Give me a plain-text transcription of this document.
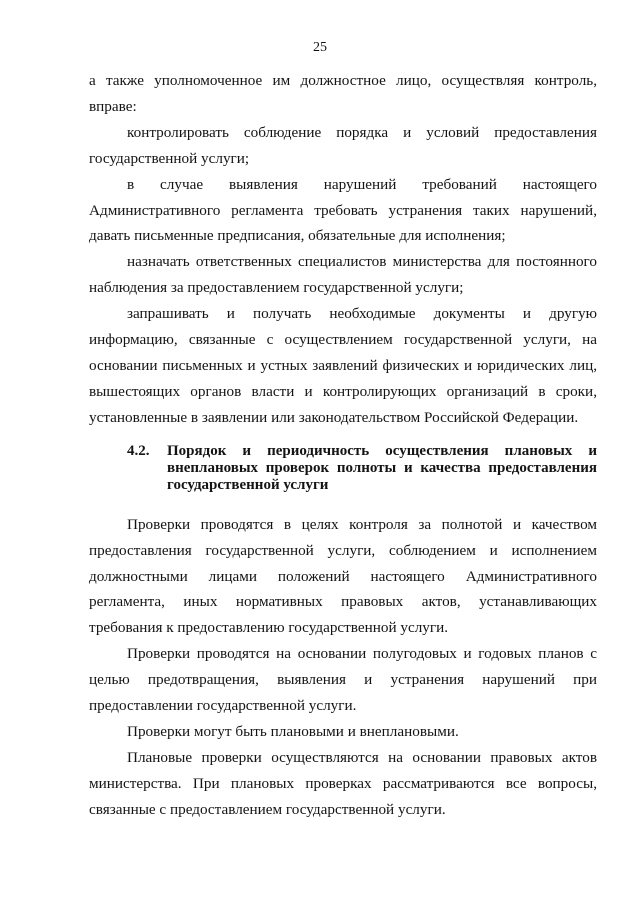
25

а также уполномоченное им должностное лицо, осуществляя контроль, вправе:

контролировать соблюдение порядка и условий предоставления государственной услуги;

в случае выявления нарушений требований настоящего Административного регламента требовать устранения таких нарушений, давать письменные предписания, обязательные для исполнения;

назначать ответственных специалистов министерства для постоянного наблюдения за предоставлением государственной услуги;

запрашивать и получать необходимые документы и другую информацию, связанные с осуществлением государственной услуги, на основании письменных и устных заявлений физических и юридических лиц, вышестоящих органов власти и контролирующих организаций в сроки, установленные в заявлении или законодательством Российской Федерации.

4.2.	Порядок и периодичность осуществления плановых и внеплановых проверок полноты и качества предоставления государственной услуги

Проверки проводятся в целях контроля за полнотой и качеством предоставления государственной услуги, соблюдением и исполнением должностными лицами положений настоящего Административного регламента, иных нормативных правовых актов, устанавливающих требования к предоставлению государственной услуги.

Проверки проводятся на основании полугодовых и годовых планов с целью предотвращения, выявления и устранения нарушений при предоставлении государственной услуги.

Проверки могут быть плановыми и внеплановыми.

Плановые проверки осуществляются на основании правовых актов министерства. При плановых проверках рассматриваются все вопросы, связанные с предоставлением государственной услуги.
